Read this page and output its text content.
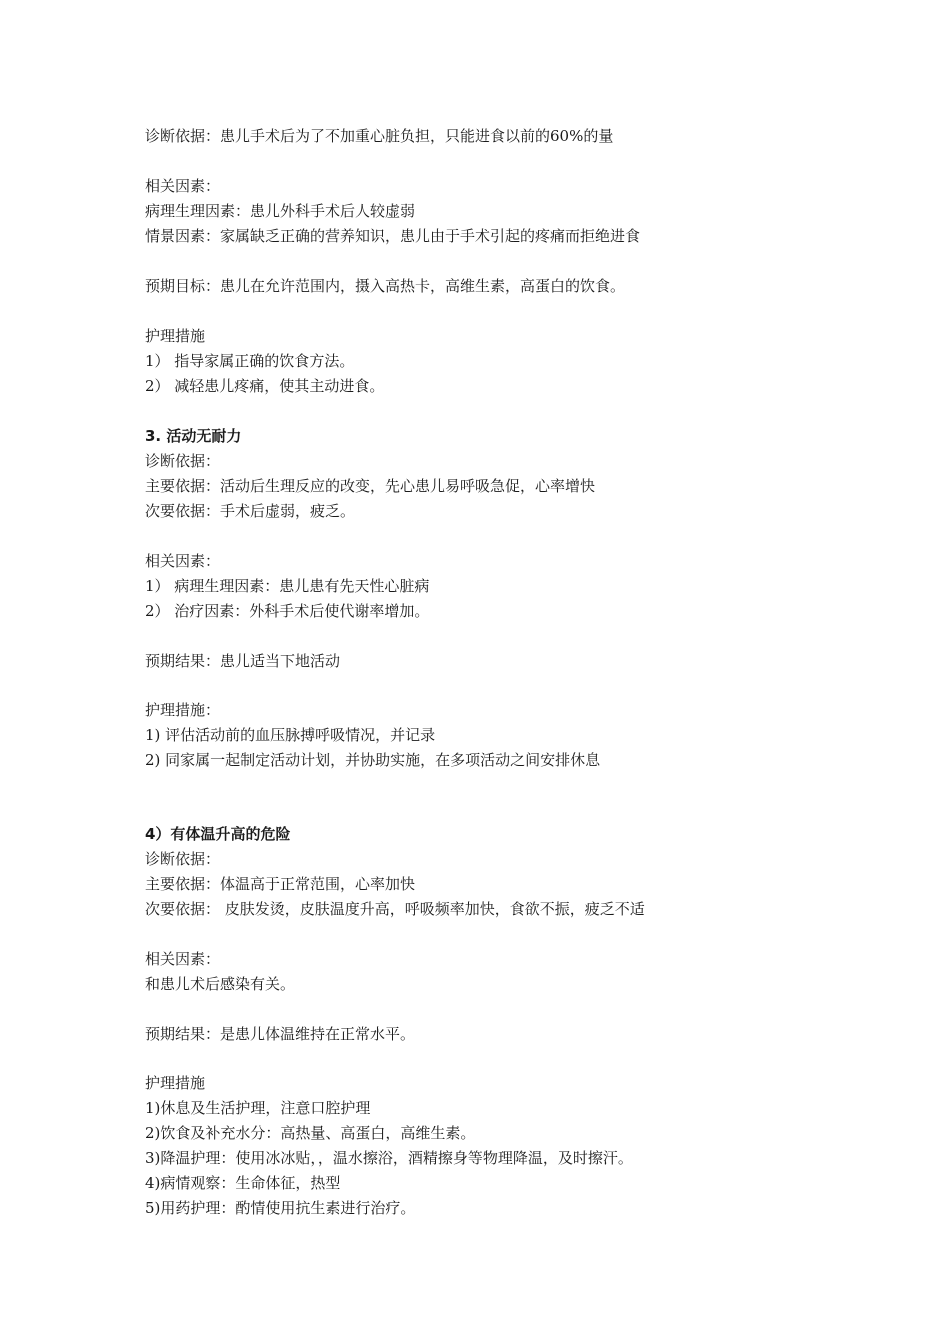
诊断依据：患儿手术后为了不加重心脏负担，只能进食以前的60%的量
相关因素：
病理生理因素：患儿外科手术后人较虚弱
情景因素：家属缺乏正确的营养知识，患儿由于手术引起的疼痛而拒绝进食
预期目标：患儿在允许范围内，摄入高热卡，高维生素，高蛋白的饮食。
护理措施
1） 指导家属正确的饮食方法。
2） 减轻患儿疼痛，使其主动进食。
3. 活动无耐力
诊断依据：
主要依据：活动后生理反应的改变，先心患儿易呼吸急促，心率增快
次要依据：手术后虚弱，疲乏。
相关因素：
1） 病理生理因素：患儿患有先天性心脏病
2） 治疗因素：外科手术后使代谢率增加。
预期结果：患儿适当下地活动
护理措施：
1) 评估活动前的血压脉搏呼吸情况，并记录
2) 同家属一起制定活动计划，并协助实施，在多项活动之间安排休息
4）有体温升高的危险
诊断依据：
主要依据：体温高于正常范围，心率加快
次要依据： 皮肤发烫，皮肤温度升高，呼吸频率加快，食欲不振，疲乏不适
相关因素：
和患儿术后感染有关。
预期结果：是患儿体温维持在正常水平。
护理措施
1)休息及生活护理，注意口腔护理
2)饮食及补充水分：高热量、高蛋白，高维生素。
3)降温护理：使用冰冰贴，，温水擦浴，酒精擦身等物理降温，及时擦汗。
4)病情观察：生命体征，热型
5)用药护理：酌情使用抗生素进行治疗。
